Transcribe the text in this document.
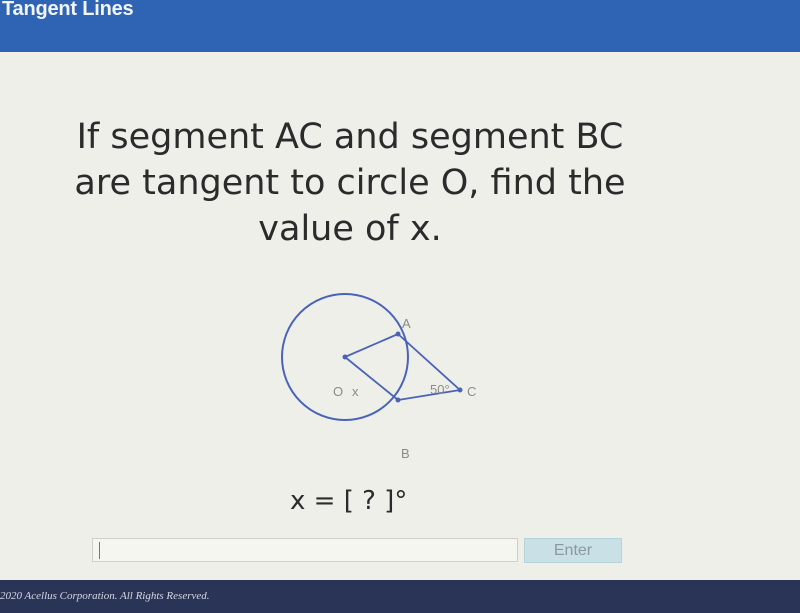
Tangent Lines
If segment AC and segment BC
are tangent to circle O, find the
value of x.
A
B
C
O x	50°
x = [ ? ]°
Enter
2020 Acellus Corporation. All Rights Reserved.
